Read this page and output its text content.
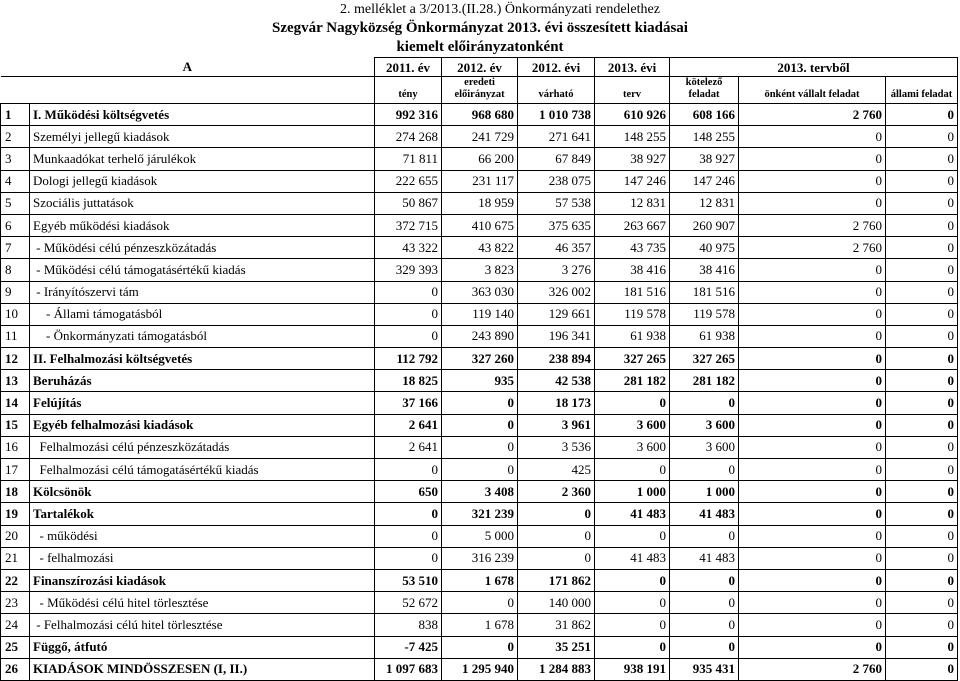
2. melléklet a 3/2013.(II.28.) Önkormányzati rendelethez
Szegvár Nagyközség Önkormányzat 2013. évi összesített kiadásai
kiemelt előirányzatonként
A		2011. év	2012. év	2012. évi	2013. évi	2013. tervből		
		tény	eredeti előirányzat	várható	terv	kötelező feladat	önként vállalt feladat	állami feladat
1	I. Működési költségvetés	992 316	968 680	1 010 738	610 926	608 166	2 760	0
2	Személyi jellegű kiadások	274 268	241 729	271 641	148 255	148 255	0	0
3	Munkaadókat terhelő járulékok	71 811	66 200	67 849	38 927	38 927	0	0
4	Dologi jellegű kiadások	222 655	231 117	238 075	147 246	147 246	0	0
5	Szociális juttatások	50 867	18 959	57 538	12 831	12 831	0	0
6	Egyéb működési kiadások	372 715	410 675	375 635	263 667	260 907	2 760	0
7	- Működési célú pénzeszközátadás	43 322	43 822	46 357	43 735	40 975	2 760	0
8	- Működési célú támogatásértékű kiadás	329 393	3 823	3 276	38 416	38 416	0	0
9	- Irányítószervi tám	0	363 030	326 002	181 516	181 516	0	0
10	- Állami támogatásból	0	119 140	129 661	119 578	119 578	0	0
11	- Önkormányzati támogatásból	0	243 890	196 341	61 938	61 938	0	0
12	II. Felhalmozási költségvetés	112 792	327 260	238 894	327 265	327 265	0	0
13	Beruházás	18 825	935	42 538	281 182	281 182	0	0
14	Felújítás	37 166	0	18 173	0	0	0	0
15	Egyéb felhalmozási kiadások	2 641	0	3 961	3 600	3 600	0	0
16	Felhalmozási célú pénzeszközátadás	2 641	0	3 536	3 600	3 600	0	0
17	Felhalmozási célú támogatásértékű kiadás	0	0	425	0	0	0	0
18	Kölcsönök	650	3 408	2 360	1 000	1 000	0	0
19	Tartalékok	0	321 239	0	41 483	41 483	0	0
20	- működési	0	5 000	0	0	0	0	0
21	- felhalmozási	0	316 239	0	41 483	41 483	0	0
22	Finanszírozási kiadások	53 510	1 678	171 862	0	0	0	0
23	- Működési célú hitel törlesztése	52 672	0	140 000	0	0	0	0
24	- Felhalmozási célú hitel törlesztése	838	1 678	31 862	0	0	0	0
25	Függő, átfutó	-7 425	0	35 251	0	0	0	0
26	KIADÁSOK MINDÖSSZESEN (I, II.)	1 097 683	1 295 940	1 284 883	938 191	935 431	2 760	0
